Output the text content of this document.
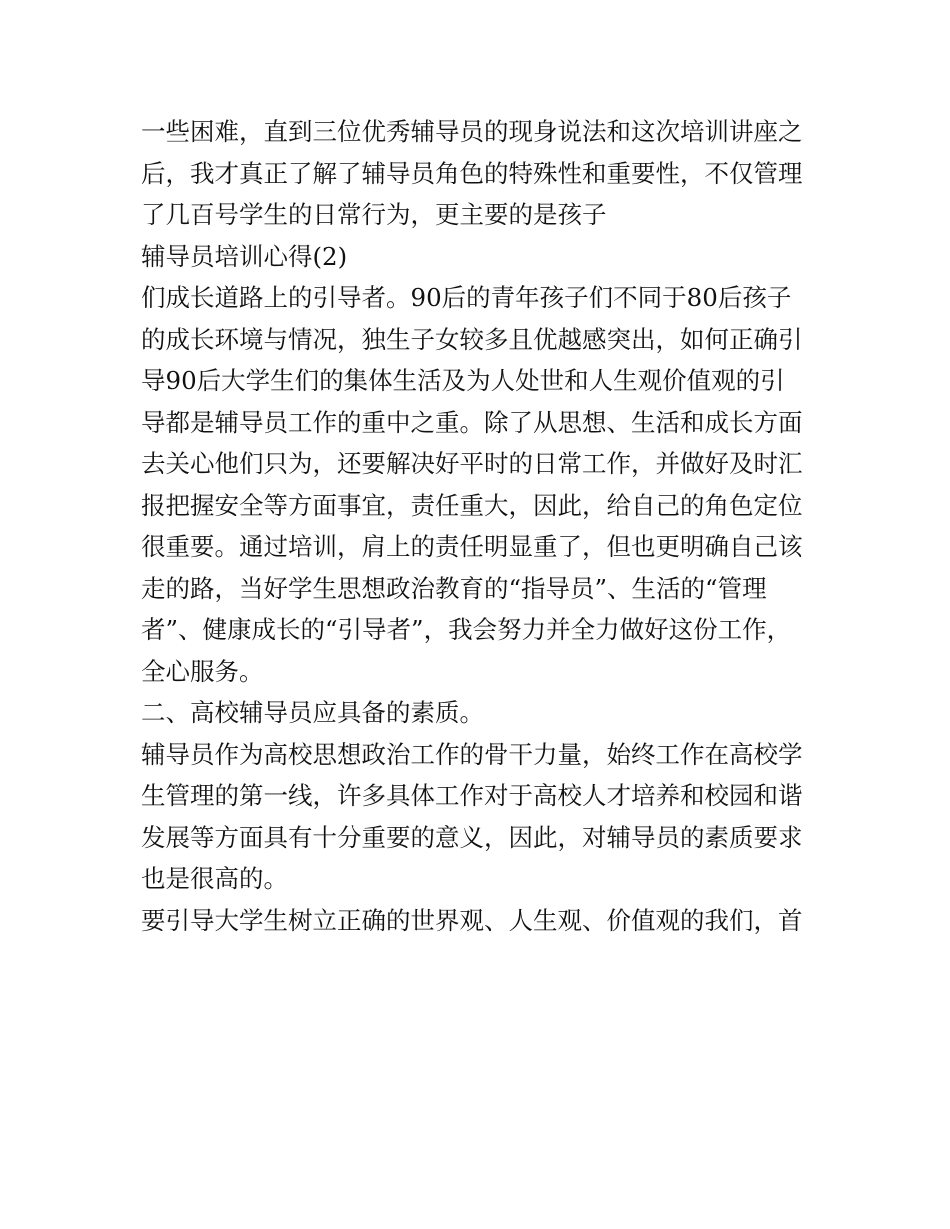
一些困难，直到三位优秀辅导员的现身说法和这次培训讲座之
后，我才真正了解了辅导员角色的特殊性和重要性，不仅管理
了几百号学生的日常行为，更主要的是孩子
辅导员培训心得(2)
们成长道路上的引导者。90后的青年孩子们不同于80后孩子
的成长环境与情况，独生子女较多且优越感突出，如何正确引
导90后大学生们的集体生活及为人处世和人生观价值观的引
导都是辅导员工作的重中之重。除了从思想、生活和成长方面
去关心他们只为，还要解决好平时的日常工作，并做好及时汇
报把握安全等方面事宜，责任重大，因此，给自己的角色定位
很重要。通过培训，肩上的责任明显重了，但也更明确自己该
走的路，当好学生思想政治教育的“指导员”、生活的“管理
者”、健康成长的“引导者”，我会努力并全力做好这份工作，
全心服务。
二、高校辅导员应具备的素质。
辅导员作为高校思想政治工作的骨干力量，始终工作在高校学
生管理的第一线，许多具体工作对于高校人才培养和校园和谐
发展等方面具有十分重要的意义，因此，对辅导员的素质要求
也是很高的。
要引导大学生树立正确的世界观、人生观、价值观的我们，首
